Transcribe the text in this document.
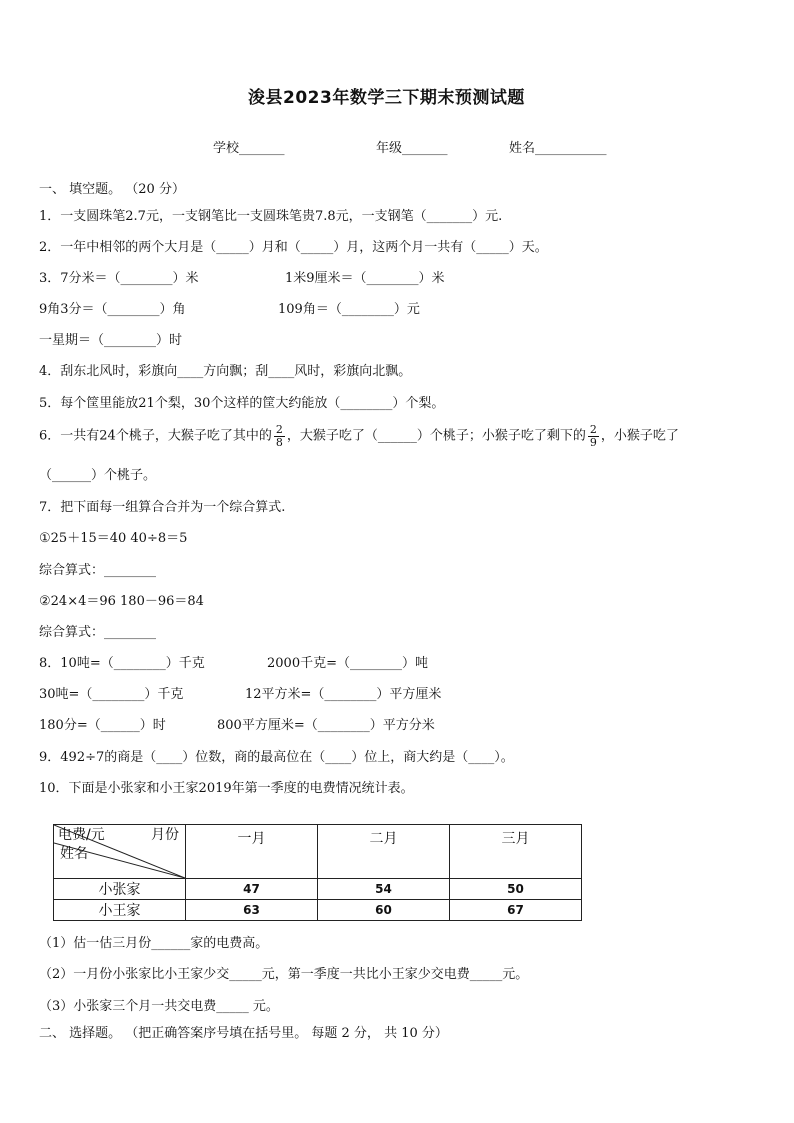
浚县2023年数学三下期末预测试题
学校_______	年级_______	姓名___________
一、 填空题。 （20 分）
1．一支圆珠笔2.7元，一支钢笔比一支圆珠笔贵7.8元，一支钢笔（_______）元.
2．一年中相邻的两个大月是（_____）月和（_____）月，这两个月一共有（_____）天。
3．7分米＝（________）米	1米9厘米＝（________）米
9角3分＝（________）角	109角＝（________）元
一星期＝（________）时
4．刮东北风时，彩旗向____方向飘；刮____风时，彩旗向北飘。
5．每个筐里能放21个梨，30个这样的筐大约能放（________）个梨。
6．一共有24个桃子，大猴子吃了其中的 $\frac{2}{8}$ ，大猴子吃了（______）个桃子；小猴子吃了剩下的 $\frac{2}{9}$ ，小猴子吃了
（______）个桃子。
7．把下面每一组算合合并为一个综合算式.
①25＋15＝40 40÷8＝5
综合算式：________
②24×4＝96 180－96＝84
综合算式：________
8．10吨=（________）千克	2000千克=（________）吨
30吨=（________）千克	12平方米=（________）平方厘米
180分=（______）时	800平方厘米=（________）平方分米
9．492÷7的商是（____）位数，商的最高位在（____）位上，商大约是（____）。
10．下面是小张家和小王家2019年第一季度的电费情况统计表。
电费/元 月份
姓名	一月	二月	三月
小张家	47	54	50
小王家	63	60	67
（1）估一估三月份______家的电费高。
（2）一月份小张家比小王家少交_____元，第一季度一共比小王家少交电费_____元。
（3）小张家三个月一共交电费_____ 元。
二、 选择题。 （把正确答案序号填在括号里。 每题 2 分， 共 10 分）
